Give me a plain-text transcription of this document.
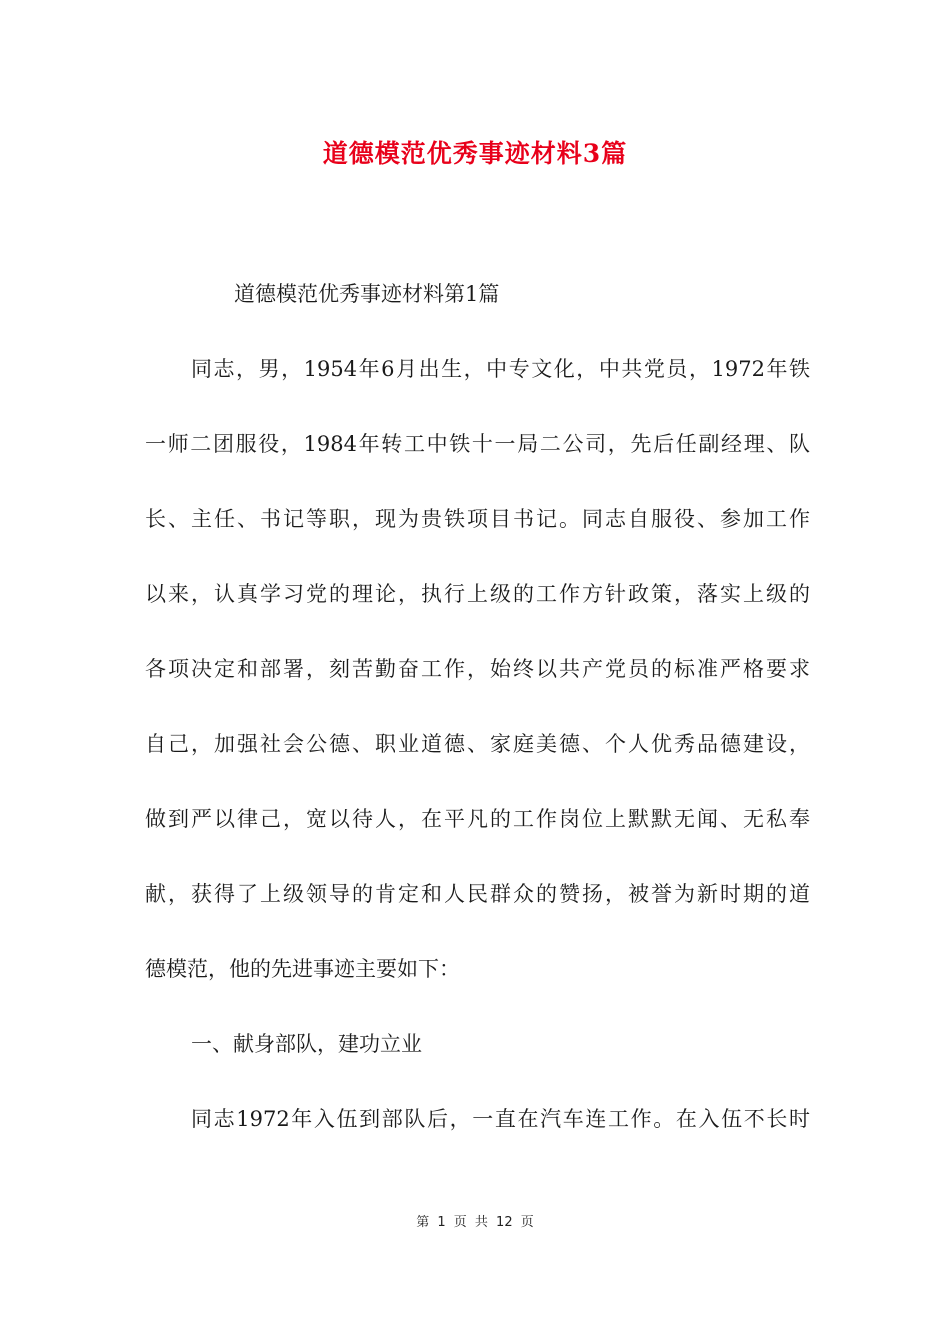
道德模范优秀事迹材料3篇
道德模范优秀事迹材料第1篇
同志，男，1954年6月出生，中专文化，中共党员，1972年铁
一师二团服役，1984年转工中铁十一局二公司，先后任副经理、队
长、主任、书记等职，现为贵铁项目书记。同志自服役、参加工作
以来，认真学习党的理论，执行上级的工作方针政策，落实上级的
各项决定和部署，刻苦勤奋工作，始终以共产党员的标准严格要求
自己，加强社会公德、职业道德、家庭美德、个人优秀品德建设，
做到严以律己，宽以待人，在平凡的工作岗位上默默无闻、无私奉
献，获得了上级领导的肯定和人民群众的赞扬，被誉为新时期的道
德模范，他的先进事迹主要如下：
一、献身部队，建功立业
同志1972年入伍到部队后，一直在汽车连工作。在入伍不长时
第 1 页 共 12 页
